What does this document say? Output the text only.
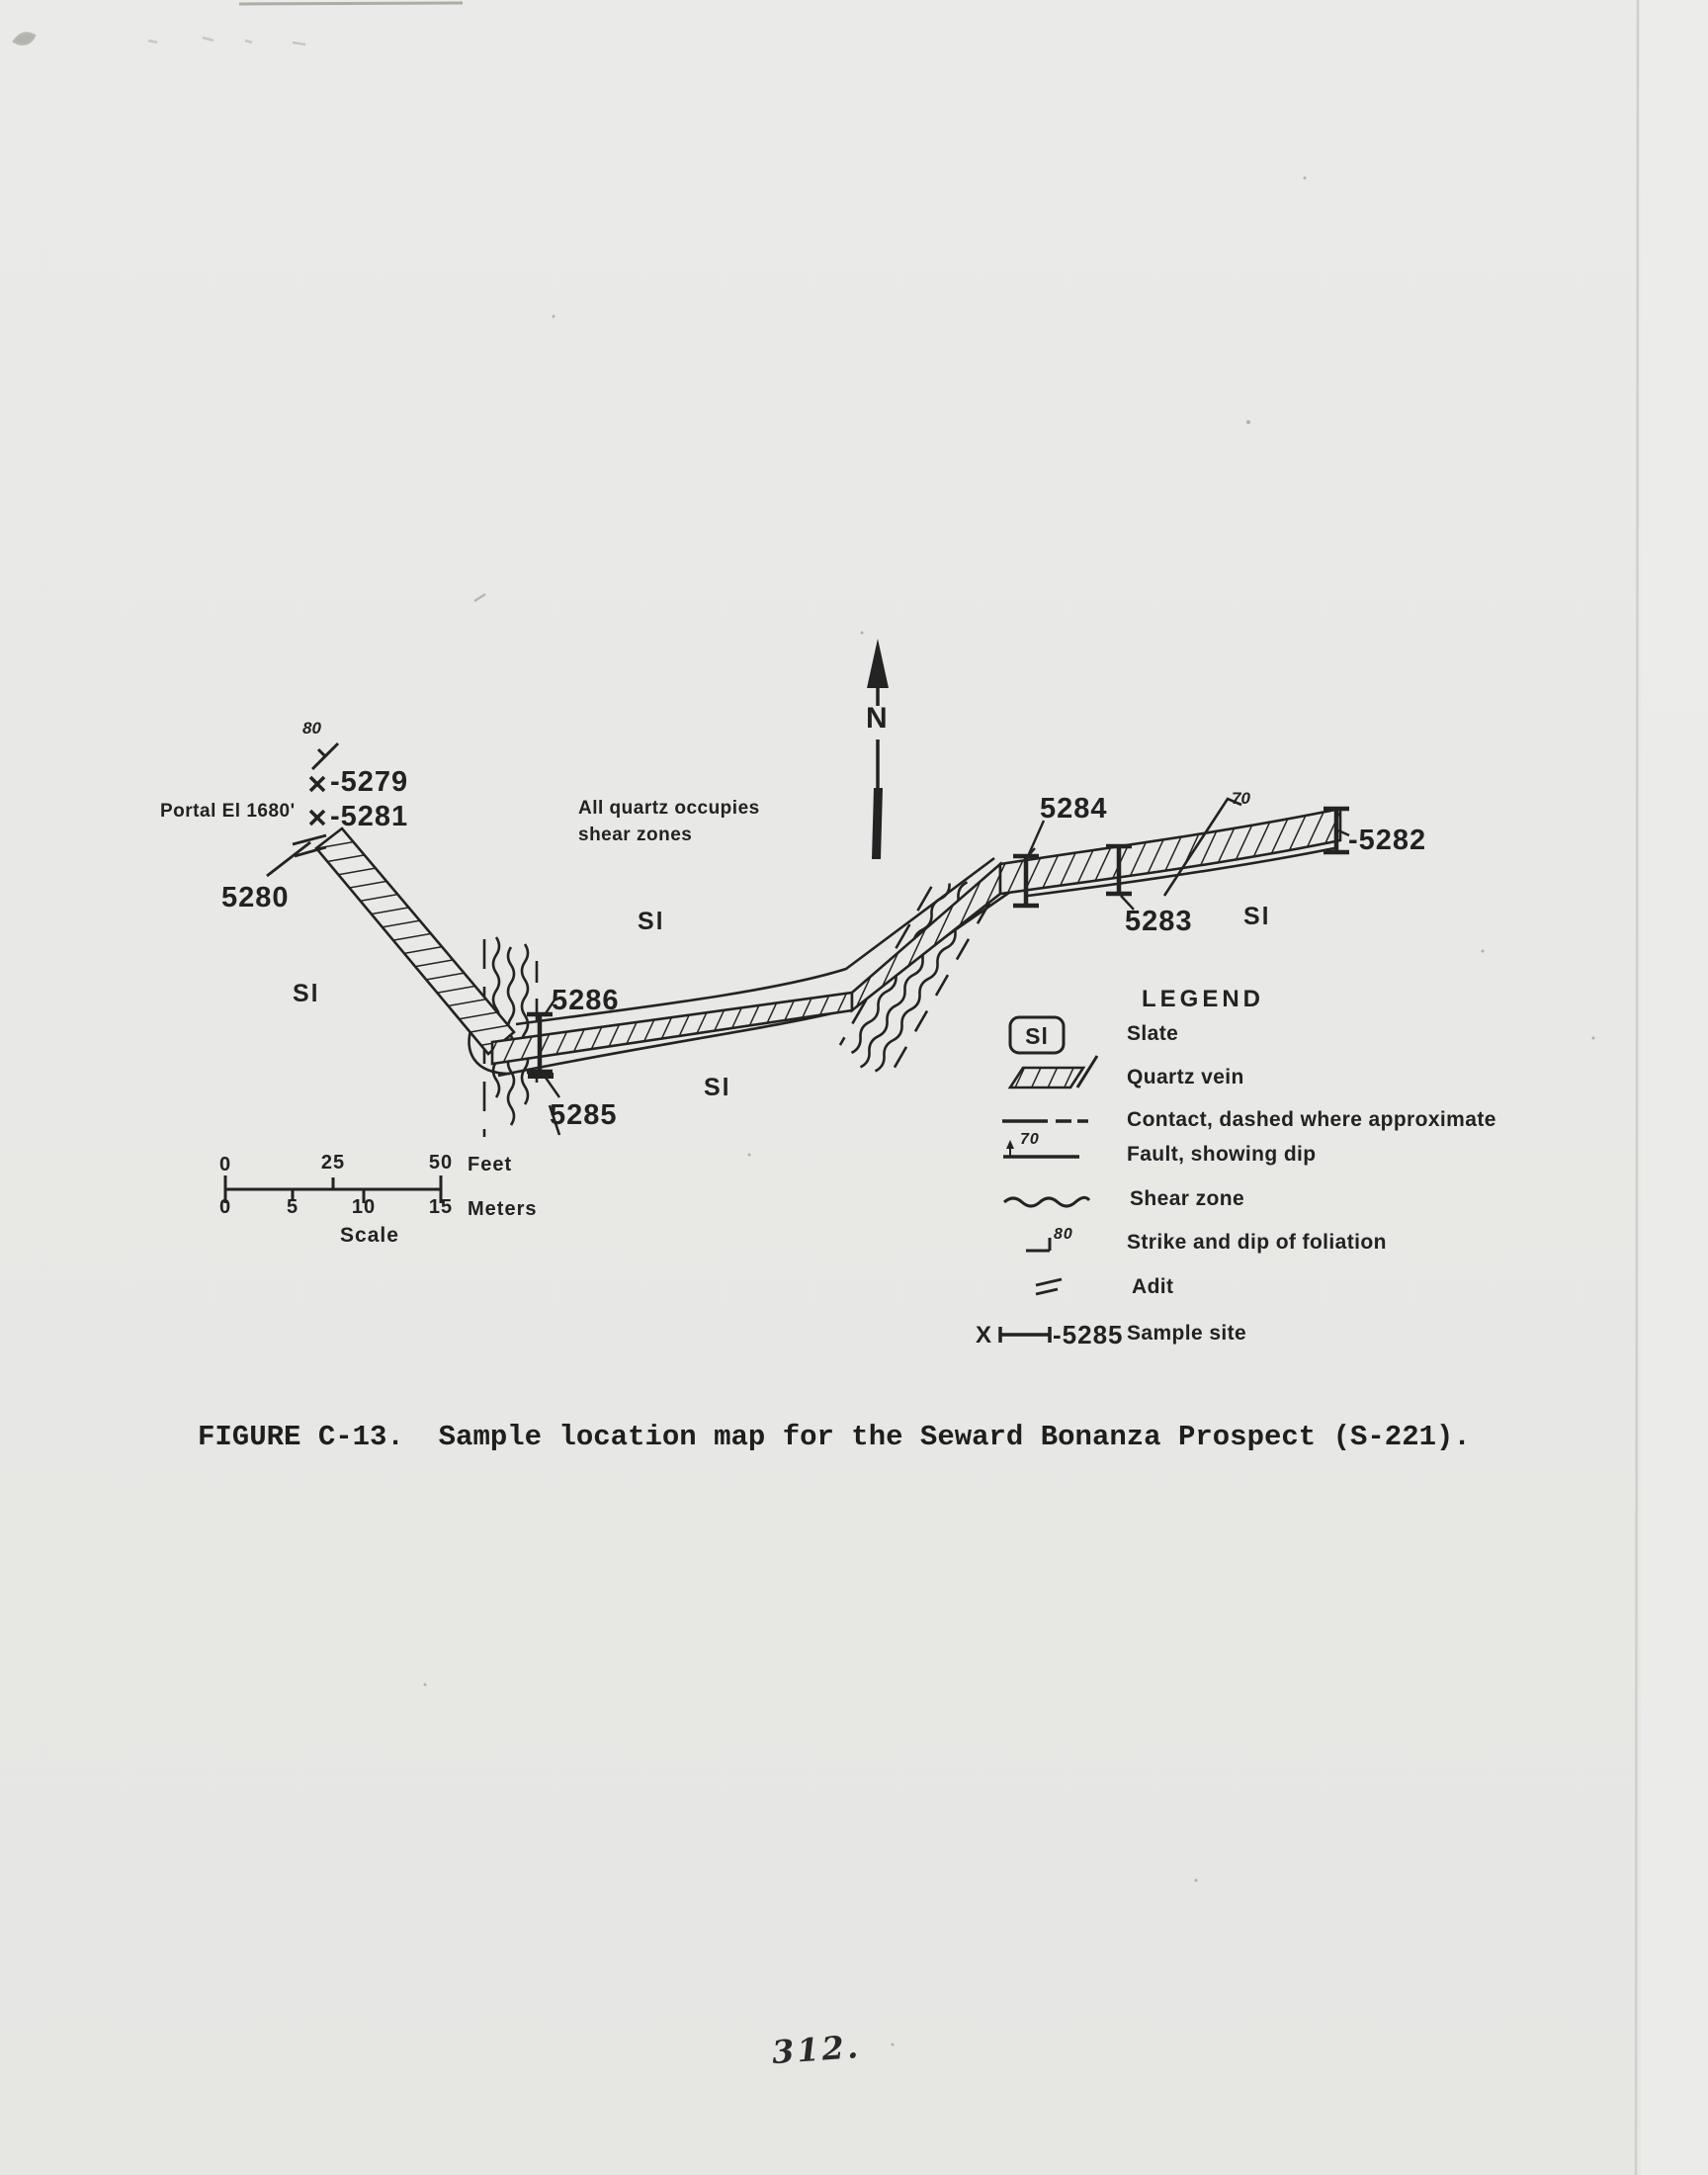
80
-5279
Portal El 1680' -5281
5280
All quartz occupies
shear zones
N
Sl
Sl
Sl
Sl
5286
5285
5284	70
-5282
5283
0	25	50 Feet
0	5	10	15 Meters
Scale
LEGEND
Sl	Slate
Quartz vein
Contact, dashed where approximate
70
Fault, showing dip
Shear zone
80	Strike and dip of foliation
Adit
X -5285 Sample site
FIGURE C-13.  Sample location map for the Seward Bonanza Prospect (S-221).
312.
